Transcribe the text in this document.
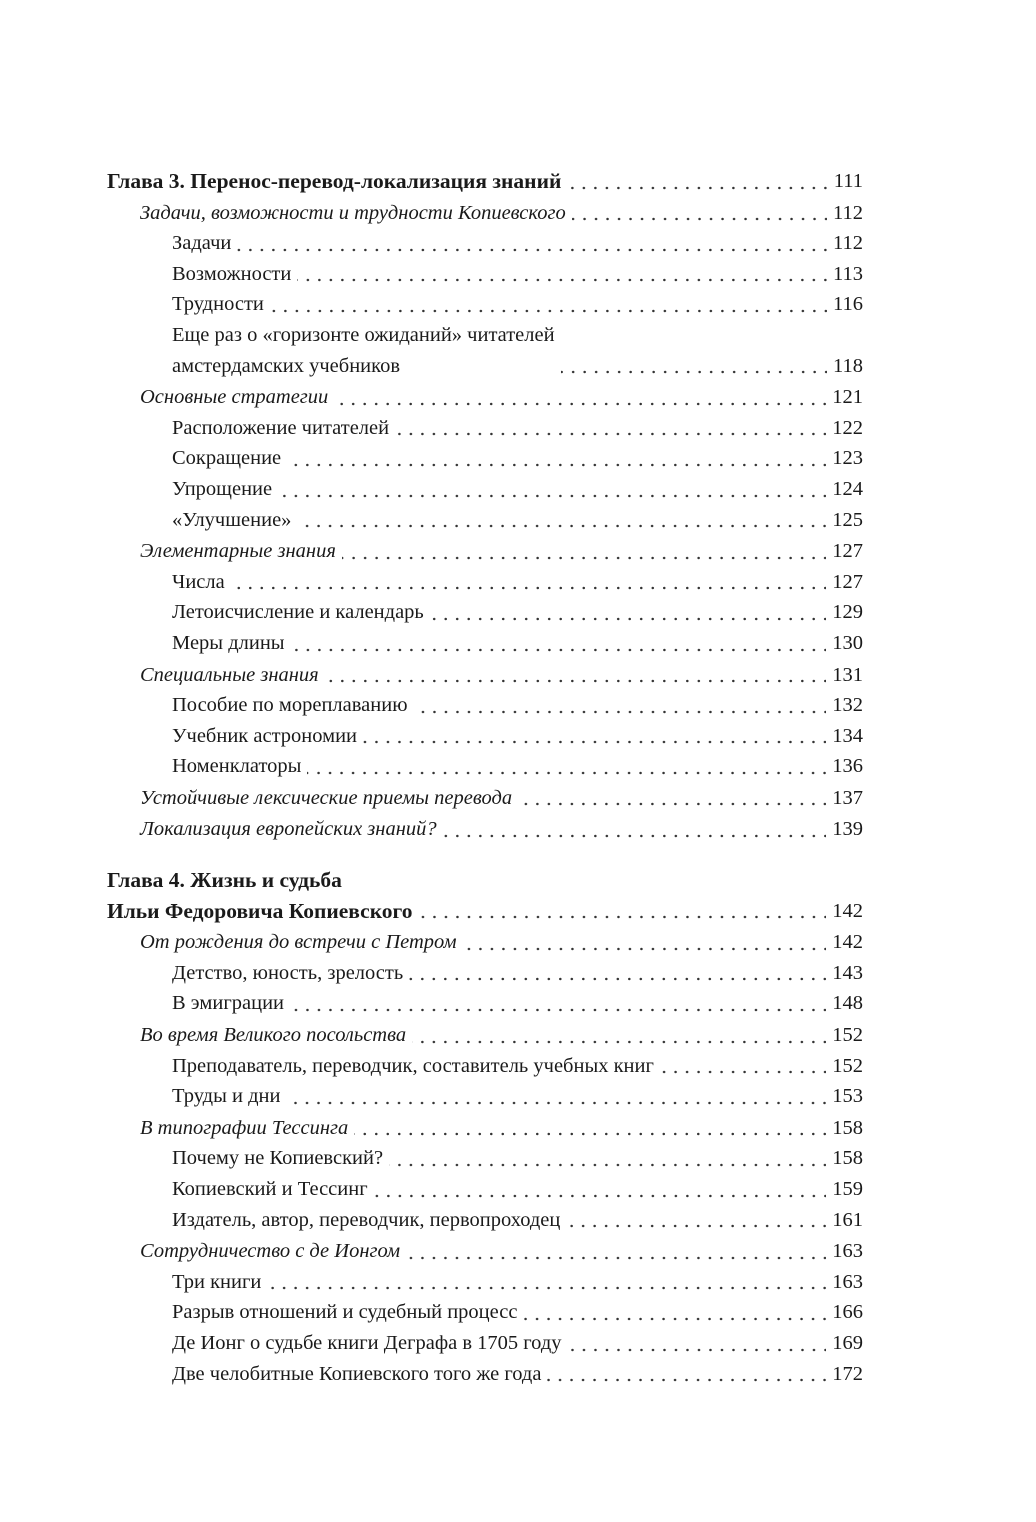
Глава 3. Перенос-перевод-локализация знаний	111
Задачи, возможности и трудности Копиевского	112
Задачи	112
Возможности	113
Трудности	116
Еще раз о «горизонте ожиданий» читателей
амстердамских учебников	118
Основные стратегии	121
Расположение читателей	122
Сокращение	123
Упрощение	124
«Улучшение»	125
Элементарные знания	127
Числа	127
Летоисчисление и календарь	129
Меры длины	130
Специальные знания	131
Пособие по мореплаванию	132
Учебник астрономии	134
Номенклаторы	136
Устойчивые лексические приемы перевода	137
Локализация европейских знаний?	139
Глава 4. Жизнь и судьба
Ильи Федоровича Копиевского	142
От рождения до встречи с Петром	142
Детство, юность, зрелость	143
В эмиграции	148
Во время Великого посольства	152
Преподаватель, переводчик, составитель учебных книг	152
Труды и дни	153
В типографии Тессинга	158
Почему не Копиевский?	158
Копиевский и Тессинг	159
Издатель, автор, переводчик, первопроходец	161
Сотрудничество с де Ионгом	163
Три книги	163
Разрыв отношений и судебный процесс	166
Де Ионг о судьбе книги Деграфа в 1705 году	169
Две челобитные Копиевского того же года	172
